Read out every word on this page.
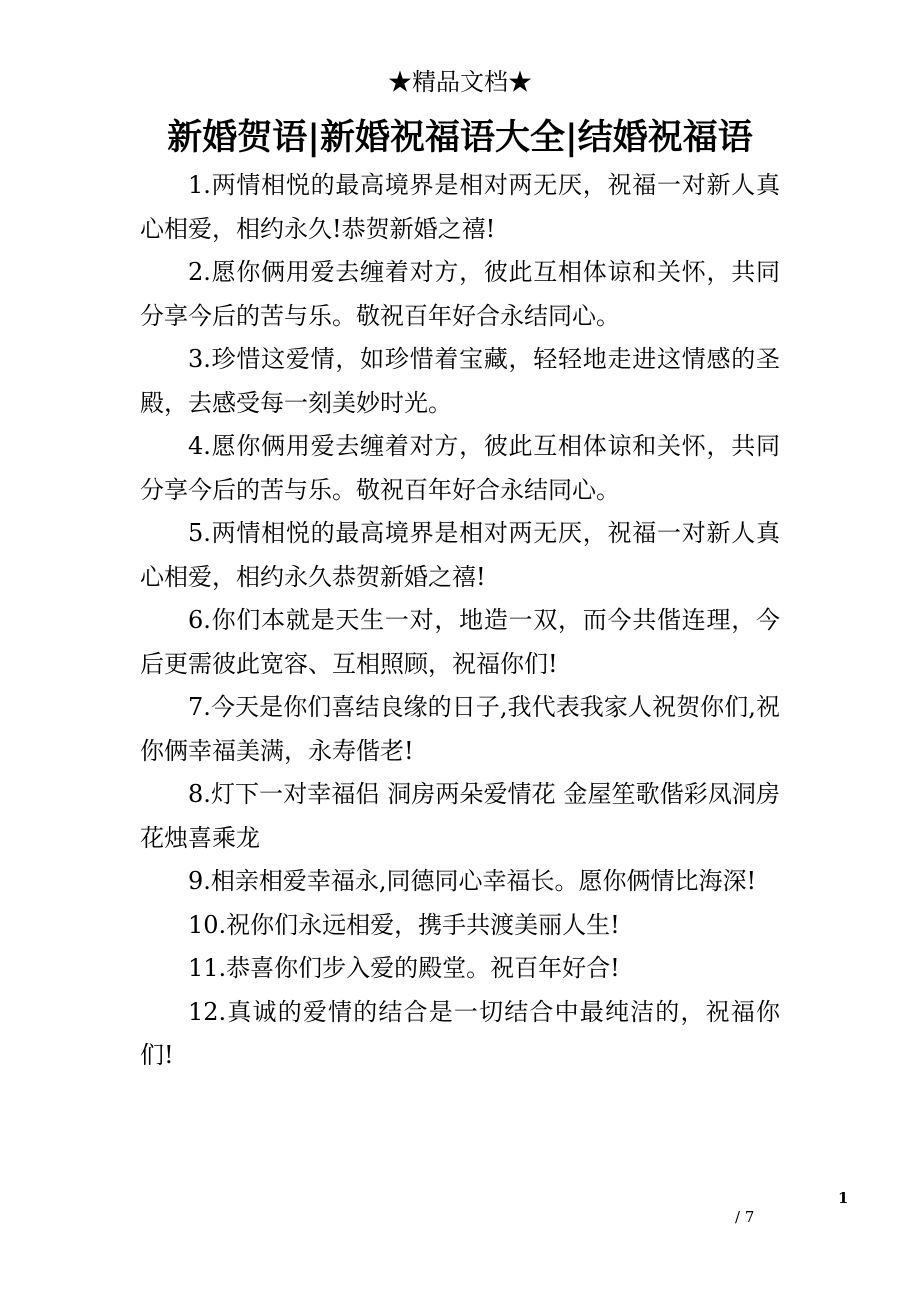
★精品文档★
新婚贺语|新婚祝福语大全|结婚祝福语

1.两情相悦的最高境界是相对两无厌，祝福一对新人真心相爱，相约永久!恭贺新婚之禧!

2.愿你俩用爱去缠着对方，彼此互相体谅和关怀，共同分享今后的苦与乐。敬祝百年好合永结同心。

3.珍惜这爱情，如珍惜着宝藏，轻轻地走进这情感的圣殿，去感受每一刻美妙时光。

4.愿你俩用爱去缠着对方，彼此互相体谅和关怀，共同分享今后的苦与乐。敬祝百年好合永结同心。

5.两情相悦的最高境界是相对两无厌，祝福一对新人真心相爱，相约永久恭贺新婚之禧!

6.你们本就是天生一对，地造一双，而今共偕连理，今后更需彼此宽容、互相照顾，祝福你们!

7.今天是你们喜结良缘的日子,我代表我家人祝贺你们,祝你俩幸福美满，永寿偕老!

8.灯下一对幸福侣 洞房两朵爱情花 金屋笙歌偕彩凤洞房花烛喜乘龙

9.相亲相爱幸福永,同德同心幸福长。愿你俩情比海深!

10.祝你们永远相爱，携手共渡美丽人生!

11.恭喜你们步入爱的殿堂。祝百年好合!

12.真诚的爱情的结合是一切结合中最纯洁的，祝福你们!

1
/ 7
